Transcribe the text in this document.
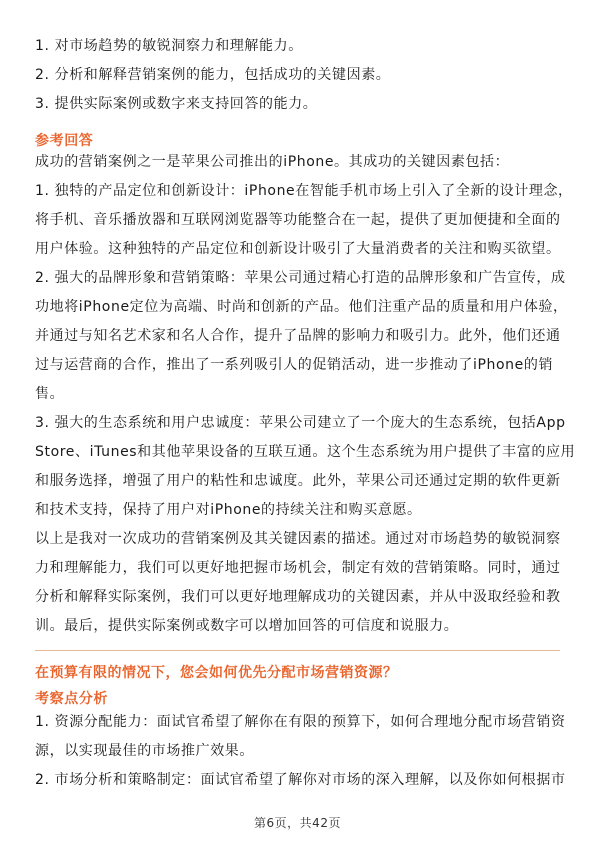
1. 对市场趋势的敏锐洞察力和理解能力。
2. 分析和解释营销案例的能力，包括成功的关键因素。
3. 提供实际案例或数字来支持回答的能力。
参考回答
成功的营销案例之一是苹果公司推出的iPhone。其成功的关键因素包括：
1. 独特的产品定位和创新设计：iPhone在智能手机市场上引入了全新的设计理念，
将手机、音乐播放器和互联网浏览器等功能整合在一起，提供了更加便捷和全面的
用户体验。这种独特的产品定位和创新设计吸引了大量消费者的关注和购买欲望。
2. 强大的品牌形象和营销策略：苹果公司通过精心打造的品牌形象和广告宣传，成
功地将iPhone定位为高端、时尚和创新的产品。他们注重产品的质量和用户体验，
并通过与知名艺术家和名人合作，提升了品牌的影响力和吸引力。此外，他们还通
过与运营商的合作，推出了一系列吸引人的促销活动，进一步推动了iPhone的销
售。
3. 强大的生态系统和用户忠诚度：苹果公司建立了一个庞大的生态系统，包括App
Store、iTunes和其他苹果设备的互联互通。这个生态系统为用户提供了丰富的应用
和服务选择，增强了用户的粘性和忠诚度。此外，苹果公司还通过定期的软件更新
和技术支持，保持了用户对iPhone的持续关注和购买意愿。
以上是我对一次成功的营销案例及其关键因素的描述。通过对市场趋势的敏锐洞察
力和理解能力，我们可以更好地把握市场机会，制定有效的营销策略。同时，通过
分析和解释实际案例，我们可以更好地理解成功的关键因素，并从中汲取经验和教
训。最后，提供实际案例或数字可以增加回答的可信度和说服力。
在预算有限的情况下，您会如何优先分配市场营销资源？
考察点分析
1. 资源分配能力：面试官希望了解你在有限的预算下，如何合理地分配市场营销资
源，以实现最佳的市场推广效果。
2. 市场分析和策略制定：面试官希望了解你对市场的深入理解，以及你如何根据市
第6页，共42页
